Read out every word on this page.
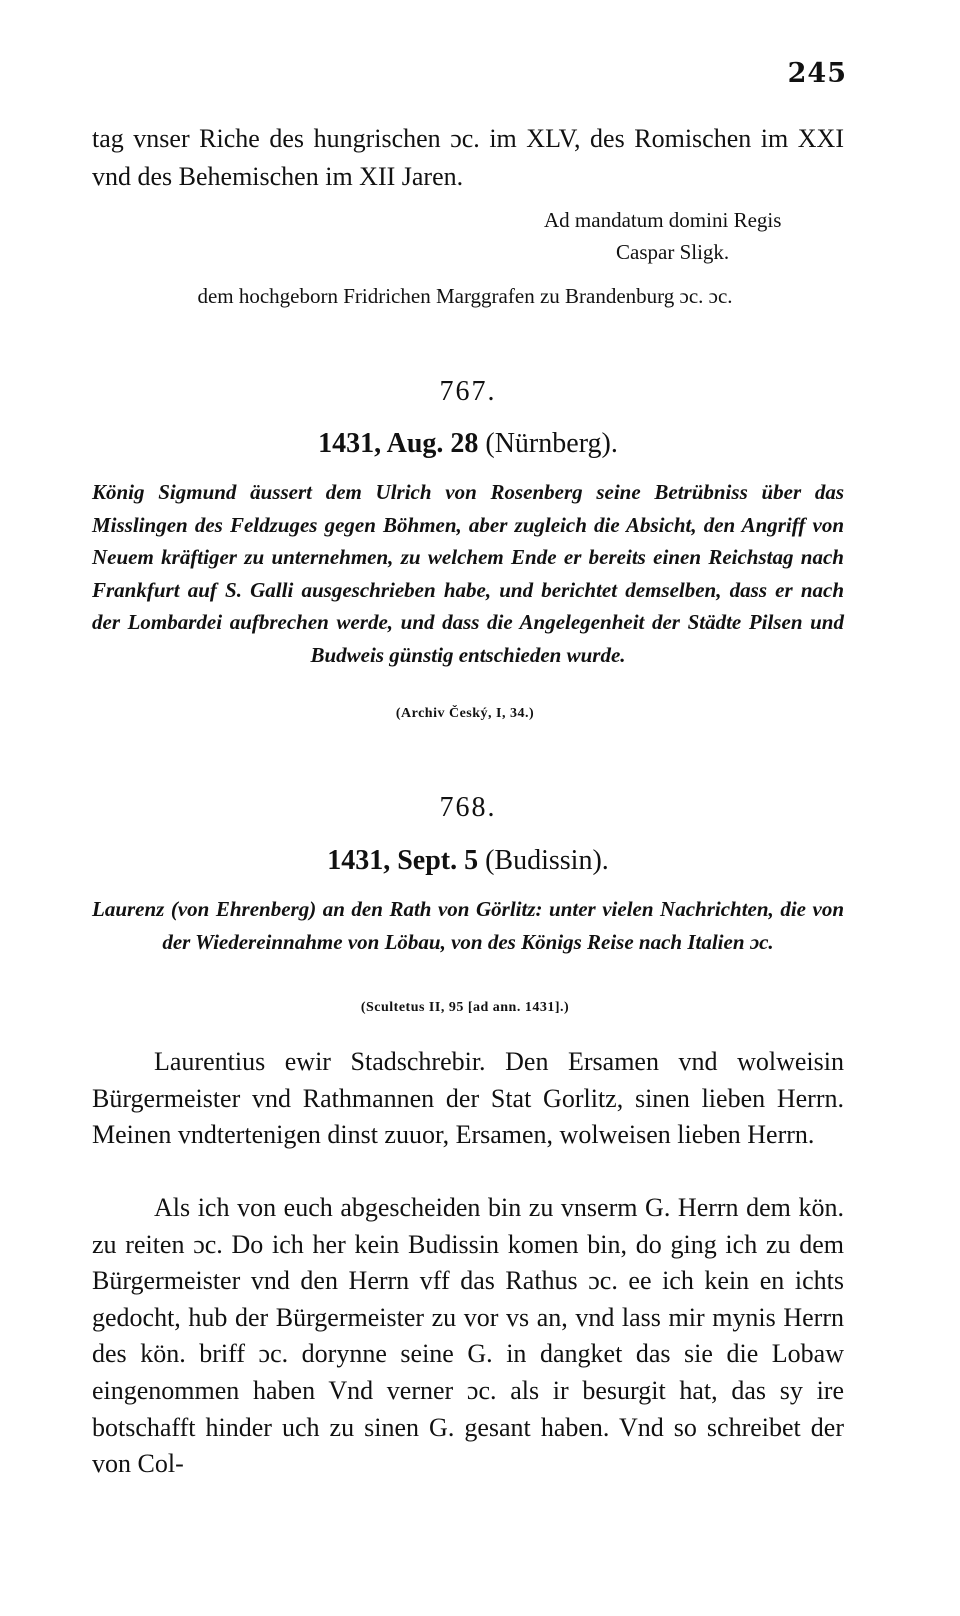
245

tag vnser Riche des hungrischen ɔc. im XLV, des Romischen im XXI vnd des Behemischen im XII Jaren.

Ad mandatum domini Regis

Caspar Sligk.

dem hochgeborn Fridrichen Marggrafen zu Brandenburg ɔc. ɔc.

767.

1431, Aug. 28 (Nürnberg).

König Sigmund äussert dem Ulrich von Rosenberg seine Betrübniss über das Misslingen des Feldzuges gegen Böhmen, aber zugleich die Absicht, den Angriff von Neuem kräftiger zu unternehmen, zu welchem Ende er bereits einen Reichstag nach Frankfurt auf S. Galli ausgeschrieben habe, und berichtet demselben, dass er nach der Lombardei aufbrechen werde, und dass die Angelegenheit der Städte Pilsen und Budweis günstig entschieden wurde.

(Archiv Český, I, 34.)

768.

1431, Sept. 5 (Budissin).

Laurenz (von Ehrenberg) an den Rath von Görlitz: unter vielen Nachrichten, die von der Wiedereinnahme von Löbau, von des Königs Reise nach Italien ɔc.

(Scultetus II, 95 [ad ann. 1431].)

Laurentius ewir Stadschrebir. Den Ersamen vnd wolweisin Bürgermeister vnd Rathmannen der Stat Gorlitz, sinen lieben Herrn. Meinen vndtertenigen dinst zuuor, Ersamen, wolweisen lieben Herrn.

Als ich von euch abgescheiden bin zu vnserm G. Herrn dem kön. zu reiten ɔc. Do ich her kein Budissin komen bin, do ging ich zu dem Bürgermeister vnd den Herrn vff das Rathus ɔc. ee ich kein en ichts gedocht, hub der Bürgermeister zu vor vs an, vnd lass mir mynis Herrn des kön. briff ɔc. dorynne seine G. in dangket das sie die Lobaw eingenommen haben Vnd verner ɔc. als ir besurgit hat, das sy ire botschafft hinder uch zu sinen G. gesant haben. Vnd so schreibet der von Col-
